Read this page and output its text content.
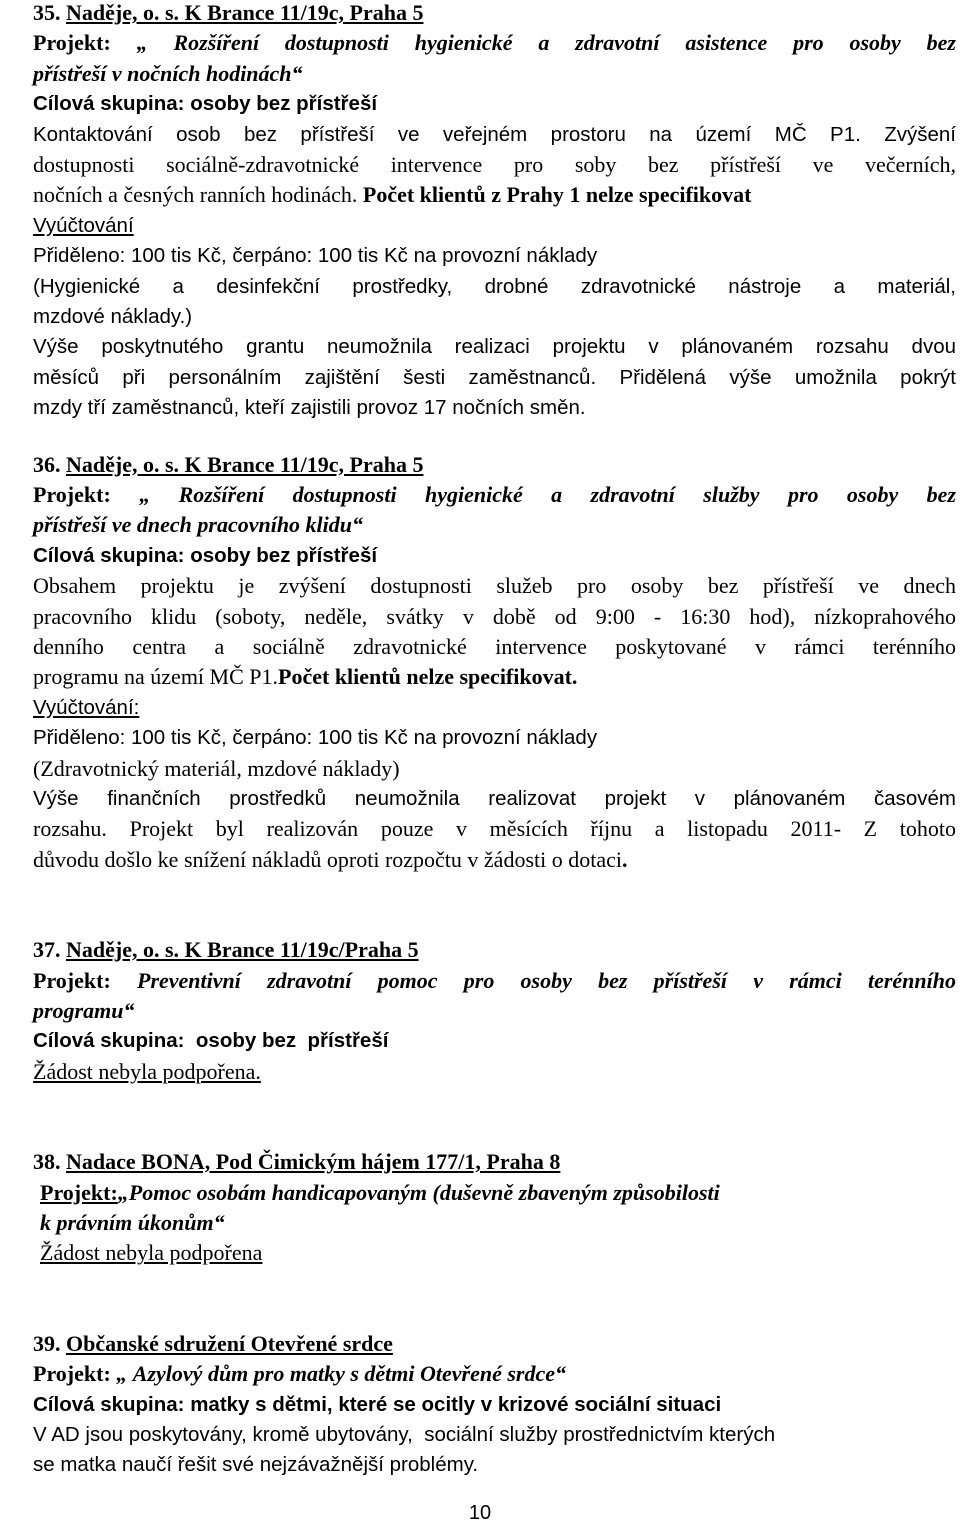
35. Naděje, o. s. K Brance 11/19c, Praha 5
Projekt: „ Rozšíření dostupnosti hygienické a zdravotní asistence pro osoby bez
přístřeší v nočních hodinách“
Cílová skupina: osoby bez přístřeší
Kontaktování osob bez přístřeší ve veřejném prostoru na území MČ P1. Zvýšení
dostupnosti sociálně-zdravotnické intervence pro soby bez přístřeší ve večerních,
nočních a česných ranních hodinách. Počet klientů z Prahy 1 nelze specifikovat
Vyúčtování
Přiděleno: 100 tis Kč, čerpáno: 100 tis Kč na provozní náklady
(Hygienické a desinfekční prostředky, drobné zdravotnické nástroje a materiál,
mzdové náklady.)
Výše poskytnutého grantu neumožnila realizaci projektu v plánovaném rozsahu dvou
měsíců při personálním zajištění šesti zaměstnanců. Přidělená výše umožnila pokrýt
mzdy tří zaměstnanců, kteří zajistili provoz 17 nočních směn.
36. Naděje, o. s. K Brance 11/19c, Praha 5
Projekt: „ Rozšíření dostupnosti hygienické a zdravotní služby pro osoby bez
přístřeší ve dnech pracovního klidu“
Cílová skupina: osoby bez přístřeší
Obsahem projektu je zvýšení dostupnosti služeb pro osoby bez přístřeší ve dnech
pracovního klidu (soboty, neděle, svátky v době od 9:00 - 16:30 hod), nízkoprahového
denního centra a sociálně zdravotnické intervence poskytované v rámci terénního
programu na území MČ P1.Počet klientů nelze specifikovat.
Vyúčtování:
Přiděleno: 100 tis Kč, čerpáno: 100 tis Kč na provozní náklady
(Zdravotnický materiál, mzdové náklady)
Výše finančních prostředků neumožnila realizovat projekt v plánovaném časovém
rozsahu. Projekt byl realizován pouze v měsících říjnu a listopadu 2011- Z tohoto
důvodu došlo ke snížení nákladů oproti rozpočtu v žádosti o dotaci.
37. Naděje, o. s. K Brance 11/19c/Praha 5
Projekt: Preventivní zdravotní pomoc pro osoby bez přístřeší v rámci terénního
programu“
Cílová skupina:  osoby bez  přístřeší
Žádost nebyla podpořena.
38. Nadace BONA, Pod Čimickým hájem 177/1, Praha 8
Projekt:„Pomoc osobám handicapovaným (duševně zbaveným způsobilosti
k právním úkonům“
Žádost nebyla podpořena
39. Občanské sdružení Otevřené srdce
Projekt: „ Azylový dům pro matky s dětmi Otevřené srdce“
Cílová skupina: matky s dětmi, které se ocitly v krizové sociální situaci
V AD jsou poskytovány, kromě ubytovány,  sociální služby prostřednictvím kterých
se matka naučí řešit své nejzávažnější problémy.
10
